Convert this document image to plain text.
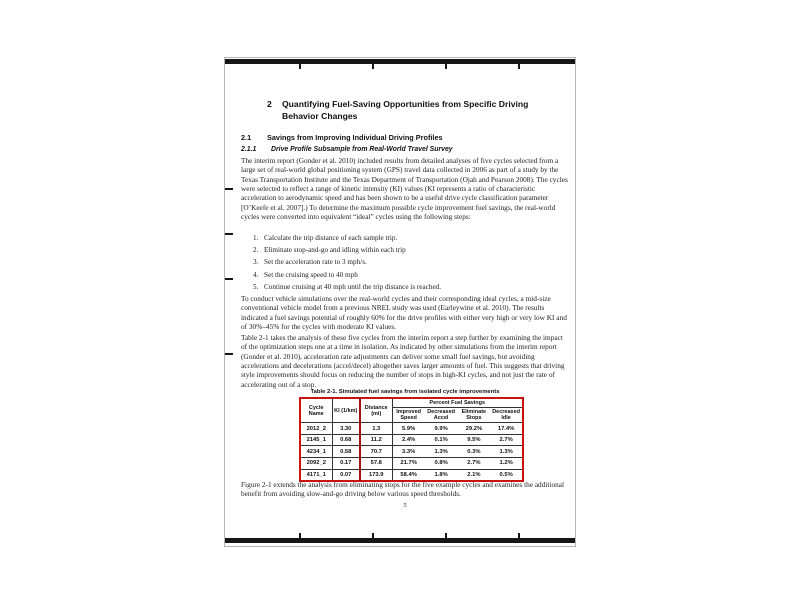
2	Quantifying Fuel-Saving Opportunities from Specific Driving Behavior Changes
2.1	Savings from Improving Individual Driving Profiles
2.1.1	Drive Profile Subsample from Real-World Travel Survey

The interim report (Gonder et al. 2010) included results from detailed analyses of five cycles selected from a large set of real-world global positioning system (GPS) travel data collected in 2006 as part of a study by the Texas Transportation Institute and the Texas Department of Transportation (Ojah and Pearson 2008). The cycles were selected to reflect a range of kinetic intensity (KI) values (KI represents a ratio of characteristic acceleration to aerodynamic speed and has been shown to be a useful drive cycle classification parameter [O’Keefe et al. 2007].) To determine the maximum possible cycle improvement fuel savings, the real-world cycles were converted into equivalent “ideal” cycles using the following steps:

1. Calculate the trip distance of each sample trip.
2. Eliminate stop-and-go and idling within each trip
3. Set the acceleration rate to 3 mph/s.
4. Set the cruising speed to 40 mph
5. Continue cruising at 40 mph until the trip distance is reached.

To conduct vehicle simulations over the real-world cycles and their corresponding ideal cycles, a mid-size conventional vehicle model from a previous NREL study was used (Earleywine et al. 2010). The results indicated a fuel savings potential of roughly 60% for the drive profiles with either very high or very low KI and of 30%–45% for the cycles with moderate KI values.

Table 2-1 takes the analysis of these five cycles from the interim report a step further by examining the impact of the optimization steps one at a time in isolation. As indicated by other simulations from the interim report (Gonder et al. 2010), acceleration rate adjustments can deliver some small fuel savings, but avoiding accelerations and decelerations (accel/decel) altogether saves larger amounts of fuel. This suggests that driving style improvements should focus on reducing the number of stops in high-KI cycles, and not just the rate of accelerating out of a stop.

Table 2-1. Simulated fuel savings from isolated cycle improvements
Cycle Name	KI (1/km)	Distance (mi)	Percent Fuel Savings			
			Improved Speed	Decreased Accel	Eliminate Stops	Decreased Idle
2012_2	3.30	1.3	5.9%	9.9%	29.2%	17.4%
2145_1	0.68	11.2	2.4%	0.1%	9.5%	2.7%
4234_1	0.58	70.7	3.3%	1.3%	0.3%	1.3%
2092_2	0.17	57.8	21.7%	0.8%	2.7%	1.2%
4171_1	0.07	173.9	58.4%	1.8%	2.1%	0.5%

Figure 2-1 extends the analysis from eliminating stops for the five example cycles and examines the additional benefit from avoiding slow-and-go driving below various speed thresholds.

5
